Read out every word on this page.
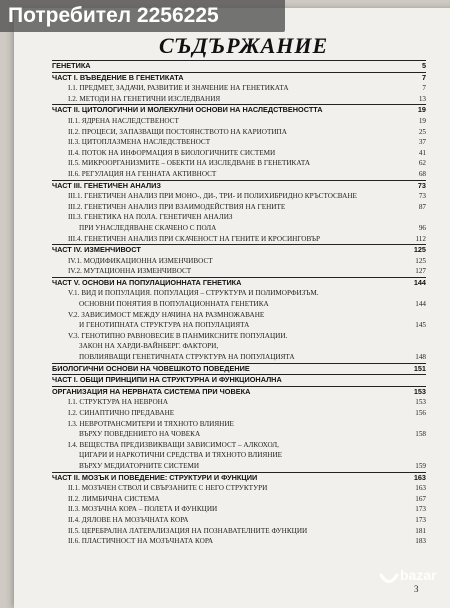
СЪДЪРЖАНИЕ
ГЕНЕТИКА	5
ЧАСТ I. ВЪВЕДЕНИЕ В ГЕНЕТИКАТА	7
I.1. ПРЕДМЕТ, ЗАДАЧИ, РАЗВИТИЕ И ЗНАЧЕНИЕ НА ГЕНЕТИКАТА	7
I.2. МЕТОДИ НА ГЕНЕТИЧНИ ИЗСЛЕДВАНИЯ	13
ЧАСТ II. ЦИТОЛОГИЧНИ И МОЛЕКУЛНИ ОСНОВИ НА НАСЛЕДСТВЕНОСТТА	19
II.1. ЯДРЕНА НАСЛЕДСТВЕНОСТ	19
II.2. ПРОЦЕСИ, ЗАПАЗВАЩИ ПОСТОЯНСТВОТО НА КАРИОТИПА	25
II.3. ЦИТОПЛАЗМЕНА НАСЛЕДСТВЕНОСТ	37
II.4. ПОТОК НА ИНФОРМАЦИЯ В БИОЛОГИЧНИТЕ СИСТЕМИ	41
II.5. МИКРООРГАНИЗМИТЕ – ОБЕКТИ НА ИЗСЛЕДВАНЕ В ГЕНЕТИКАТА	62
II.6. РЕГУЛАЦИЯ НА ГЕННАТА АКТИВНОСТ	68
ЧАСТ III. ГЕНЕТИЧЕН АНАЛИЗ	73
III.1. ГЕНЕТИЧЕН АНАЛИЗ ПРИ МОНО-, ДИ-, ТРИ- И ПОЛИХИБРИДНО КРЪСТОСВАНЕ	73
III.2. ГЕНЕТИЧЕН АНАЛИЗ ПРИ ВЗАИМОДЕЙСТВИЯ НА ГЕНИТЕ	87
III.3. ГЕНЕТИКА НА ПОЛА. ГЕНЕТИЧЕН АНАЛИЗ
ПРИ УНАСЛЕДЯВАНЕ СКАЧЕНО С ПОЛА	96
III.4. ГЕНЕТИЧЕН АНАЛИЗ ПРИ СКАЧЕНОСТ НА ГЕНИТЕ И КРОСИНГОВЪР	112
ЧАСТ IV. ИЗМЕНЧИВОСТ	125
IV.1. МОДИФИКАЦИОННА ИЗМЕНЧИВОСТ	125
IV.2. МУТАЦИОННА ИЗМЕНЧИВОСТ	127
ЧАСТ V. ОСНОВИ НА ПОПУЛАЦИОННАТА ГЕНЕТИКА	144
V.1. ВИД И ПОПУЛАЦИЯ. ПОПУЛАЦИЯ – СТРУКТУРА И ПОЛИМОРФИЗЪМ.
ОСНОВНИ ПОНЯТИЯ В ПОПУЛАЦИОННАТА ГЕНЕТИКА	144
V.2. ЗАВИСИМОСТ МЕЖДУ НАЧИНА НА РАЗМНОЖАВАНЕ
И ГЕНОТИПНАТА СТРУКТУРА НА ПОПУЛАЦИЯТА	145
V.3. ГЕНОТИПНО РАВНОВЕСИЕ В ПАНМИКСНИТЕ ПОПУЛАЦИИ.
ЗАКОН НА ХАРДИ-ВАЙНБЕРГ. ФАКТОРИ,
ПОВЛИЯВАЩИ ГЕНЕТИЧНАТА СТРУКТУРА НА ПОПУЛАЦИЯТА	148
БИОЛОГИЧНИ ОСНОВИ НА ЧОВЕШКОТО ПОВЕДЕНИЕ	151
ЧАСТ I. ОБЩИ ПРИНЦИПИ НА СТРУКТУРНА И ФУНКЦИОНАЛНА
ОРГАНИЗАЦИЯ НА НЕРВНАТА СИСТЕМА ПРИ ЧОВЕКА	153
I.1. СТРУКТУРА НА НЕВРОНА	153
I.2. СИНАПТИЧНО ПРЕДАВАНЕ	156
I.3. НЕВРОТРАНСМИТЕРИ И ТЯХНОТО ВЛИЯНИЕ
ВЪРХУ ПОВЕДЕНИЕТО НА ЧОВЕКА	158
I.4. ВЕЩЕСТВА ПРЕДИЗВИКВАЩИ ЗАВИСИМОСТ – АЛКОХОЛ,
ЦИГАРИ И НАРКОТИЧНИ СРЕДСТВА И ТЯХНОТО ВЛИЯНИЕ
ВЪРХУ МЕДИАТОРНИТЕ СИСТЕМИ	159
ЧАСТ II. МОЗЪК И ПОВЕДЕНИЕ: СТРУКТУРИ И ФУНКЦИИ	163
II.1. МОЗЪЧЕН СТВОЛ И СВЪРЗАНИТЕ С НЕГО СТРУКТУРИ	163
II.2. ЛИМБИЧНА СИСТЕМА	167
II.3. МОЗЪЧНА КОРА – ПОЛЕТА И ФУНКЦИИ	173
II.4. ДЯЛОВЕ НА МОЗЪЧНАТА КОРА	173
II.5. ЦЕРЕБРАЛНА ЛАТЕРАЛИЗАЦИЯ НА ПОЗНАВАТЕЛНИТЕ ФУНКЦИИ	181
II.6. ПЛАСТИЧНОСТ НА МОЗЪЧНАТА КОРА	183
3
Потребител 2256225
bazar
